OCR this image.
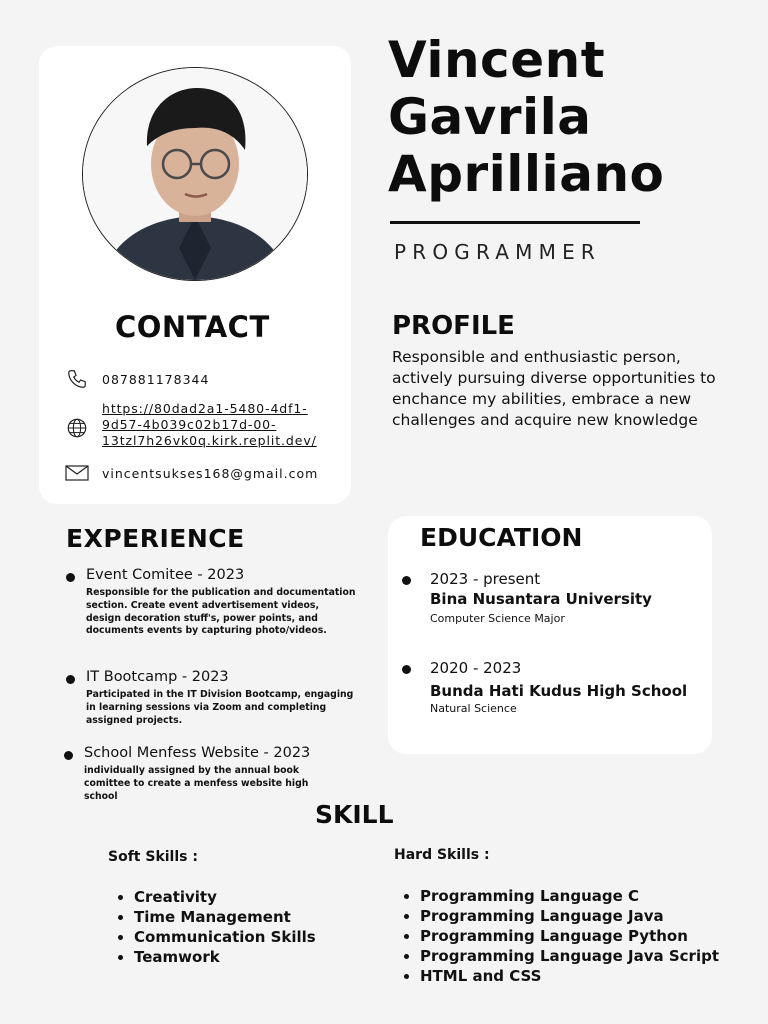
Vincent
Gavrila
Aprilliano
PROGRAMMER
CONTACT
087881178344
https://80dad2a1-5480-4df1-9d57-4b039c02b17d-00-13tzl7h26vk0q.kirk.replit.dev/
vincentsukses168@gmail.com
PROFILE

Responsible and enthusiastic person, actively pursuing diverse opportunities to enchance my abilities, embrace a new challenges and acquire new knowledge

EXPERIENCE
Event Comitee - 2023

Responsible for the publication and documentation section. Create event advertisement videos, design decoration stuff's, power points, and documents events by capturing photo/videos.

IT Bootcamp - 2023

Participated in the IT Division Bootcamp, engaging in learning sessions via Zoom and completing assigned projects.

School Menfess Website - 2023

individually assigned by the annual book comittee to create a menfess website high school

EDUCATION
2023 - present
Bina Nusantara University
Computer Science Major
2020 - 2023
Bunda Hati Kudus High School
Natural Science
SKILL
Soft Skills :
• Creativity
• Time Management
• Communication Skills
• Teamwork
Hard Skills :
• Programming Language C
• Programming Language Java
• Programming Language Python
• Programming Language Java Script
• HTML and CSS
